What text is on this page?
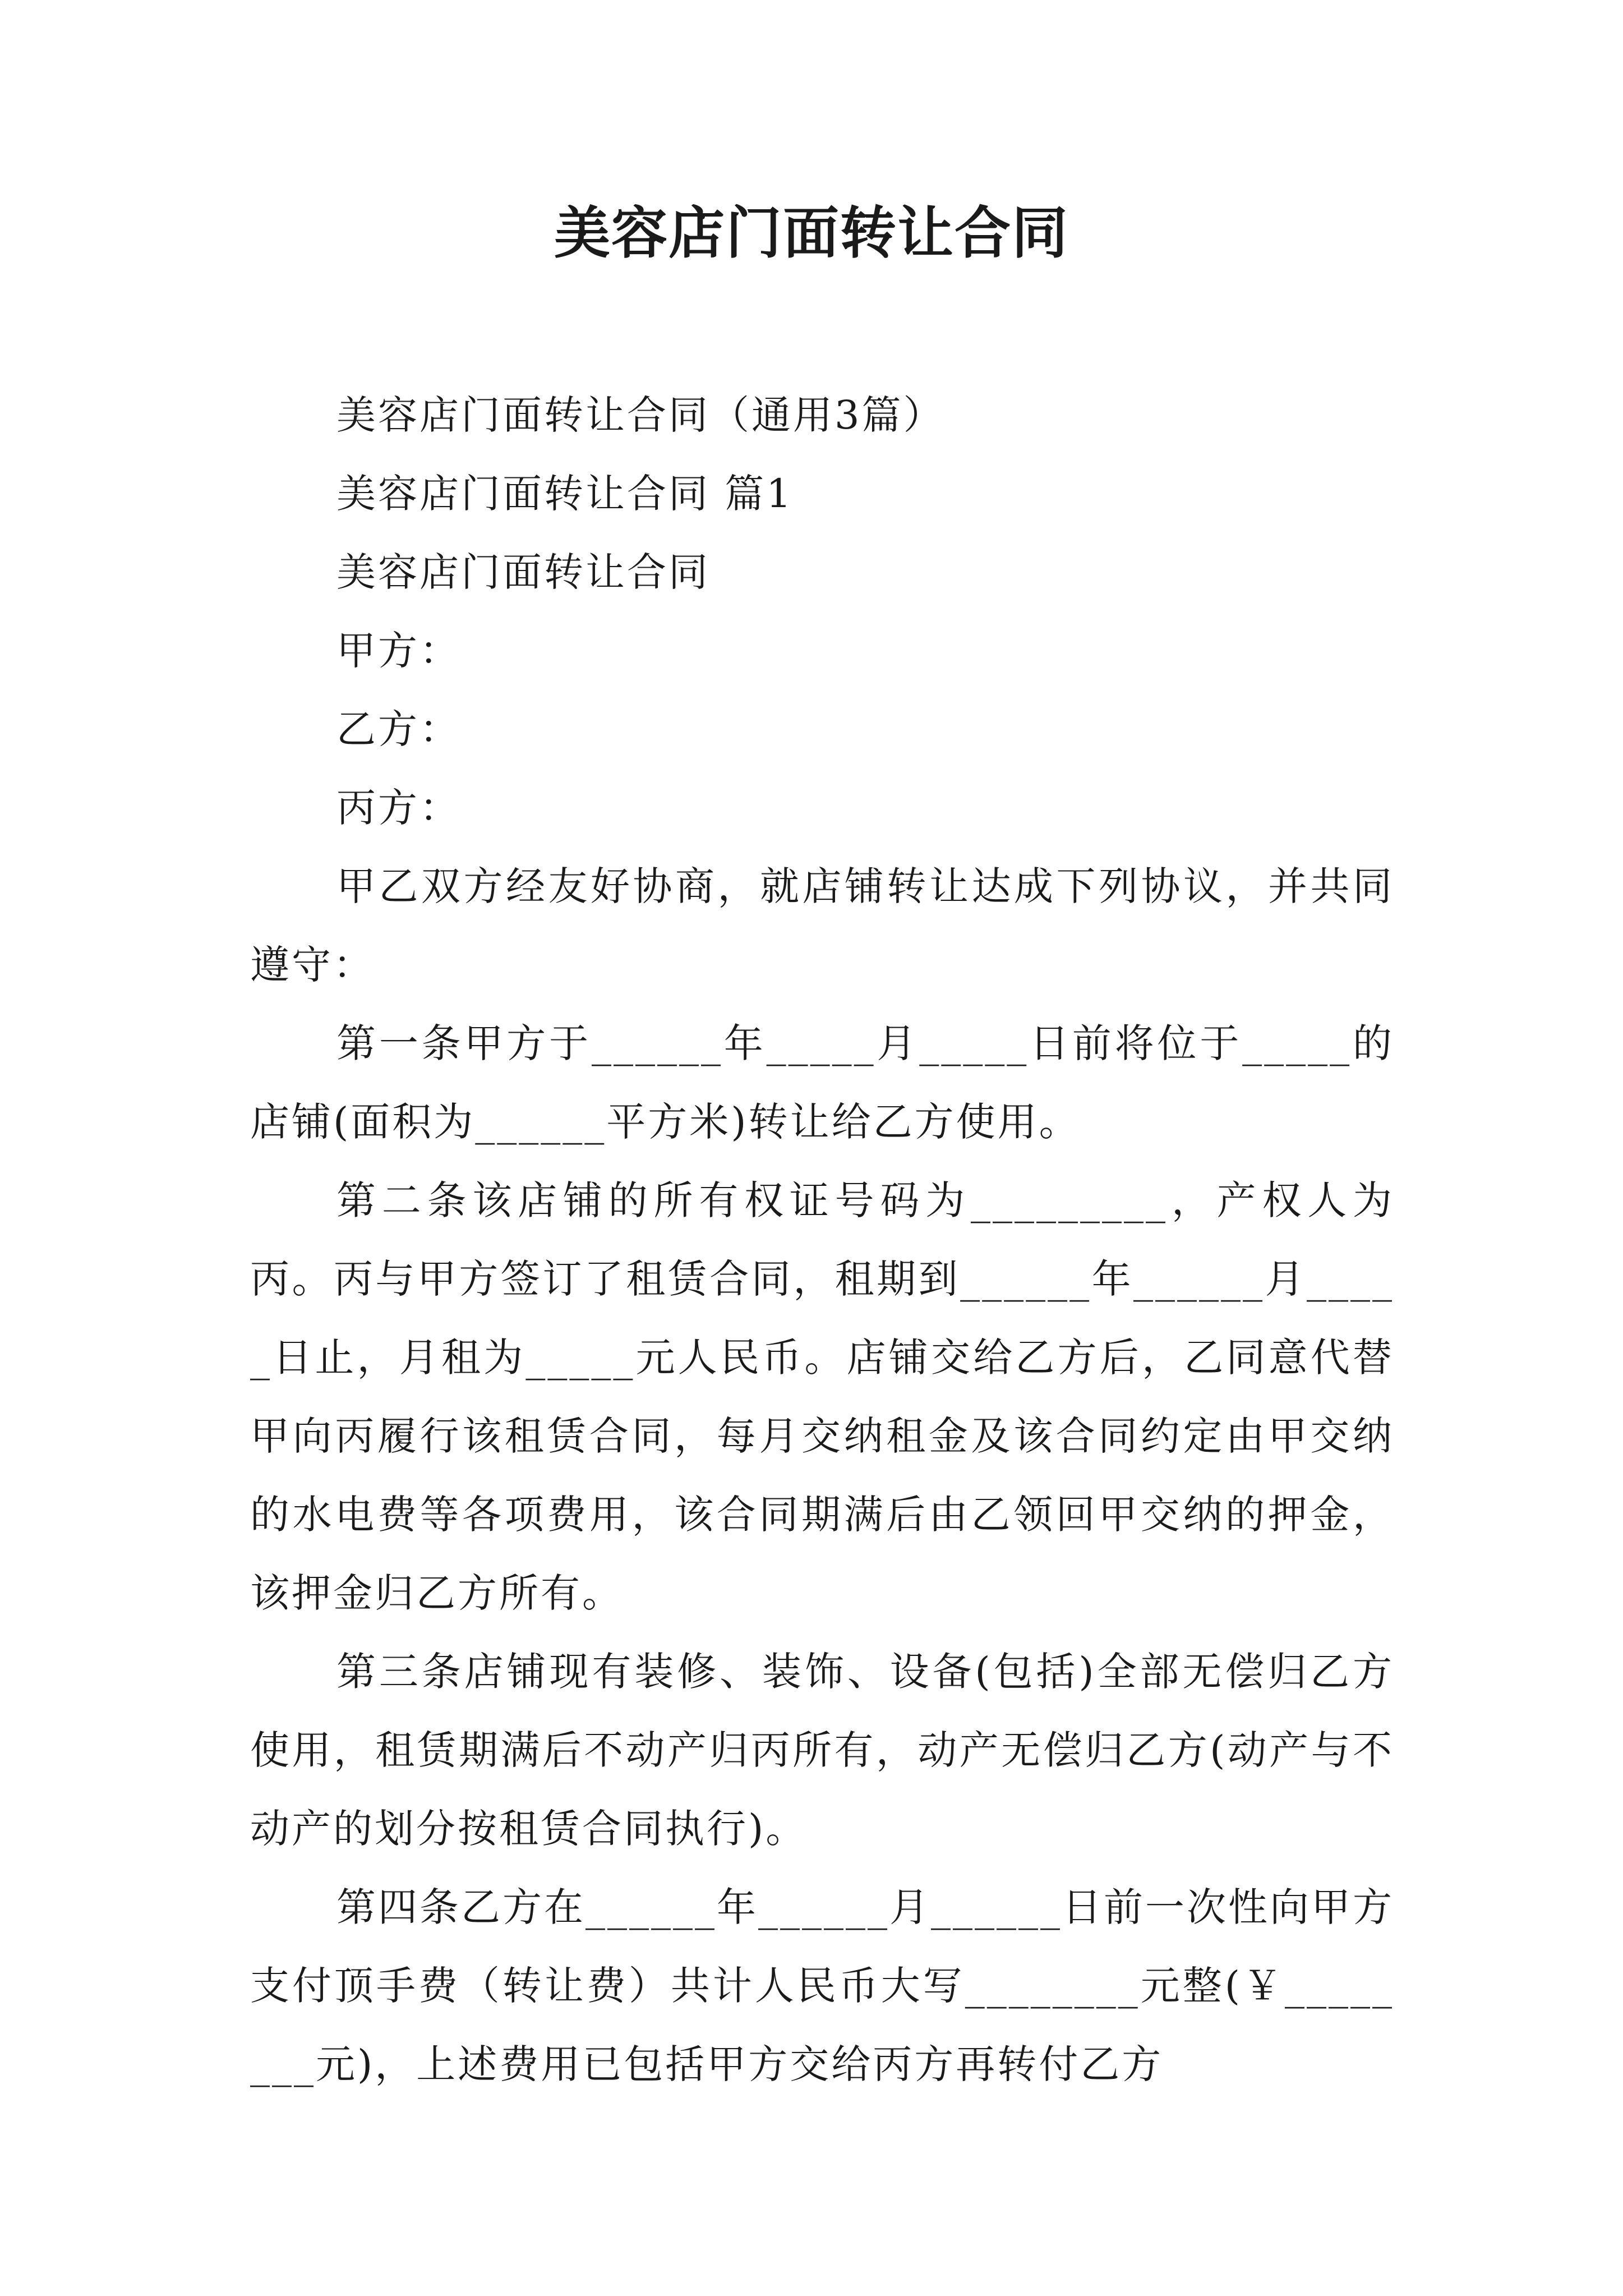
美容店门面转让合同

美容店门面转让合同（通用3篇）

美容店门面转让合同 篇1

美容店门面转让合同

甲方：

乙方：

丙方：

甲乙双方经友好协商，就店铺转让达成下列协议，并共同遵守：

第一条甲方于______年_____月_____日前将位于_____的店铺(面积为______平方米)转让给乙方使用。

第二条该店铺的所有权证号码为_________，产权人为丙。丙与甲方签订了租赁合同，租期到______年______月_____日止，月租为_____元人民币。店铺交给乙方后，乙同意代替甲向丙履行该租赁合同，每月交纳租金及该合同约定由甲交纳的水电费等各项费用，该合同期满后由乙领回甲交纳的押金，该押金归乙方所有。

第三条店铺现有装修、装饰、设备(包括)全部无偿归乙方使用，租赁期满后不动产归丙所有，动产无偿归乙方(动产与不动产的划分按租赁合同执行)。

第四条乙方在______年______月______日前一次性向甲方支付顶手费（转让费）共计人民币大写________元整(￥________元)，上述费用已包括甲方交给丙方再转付乙方
